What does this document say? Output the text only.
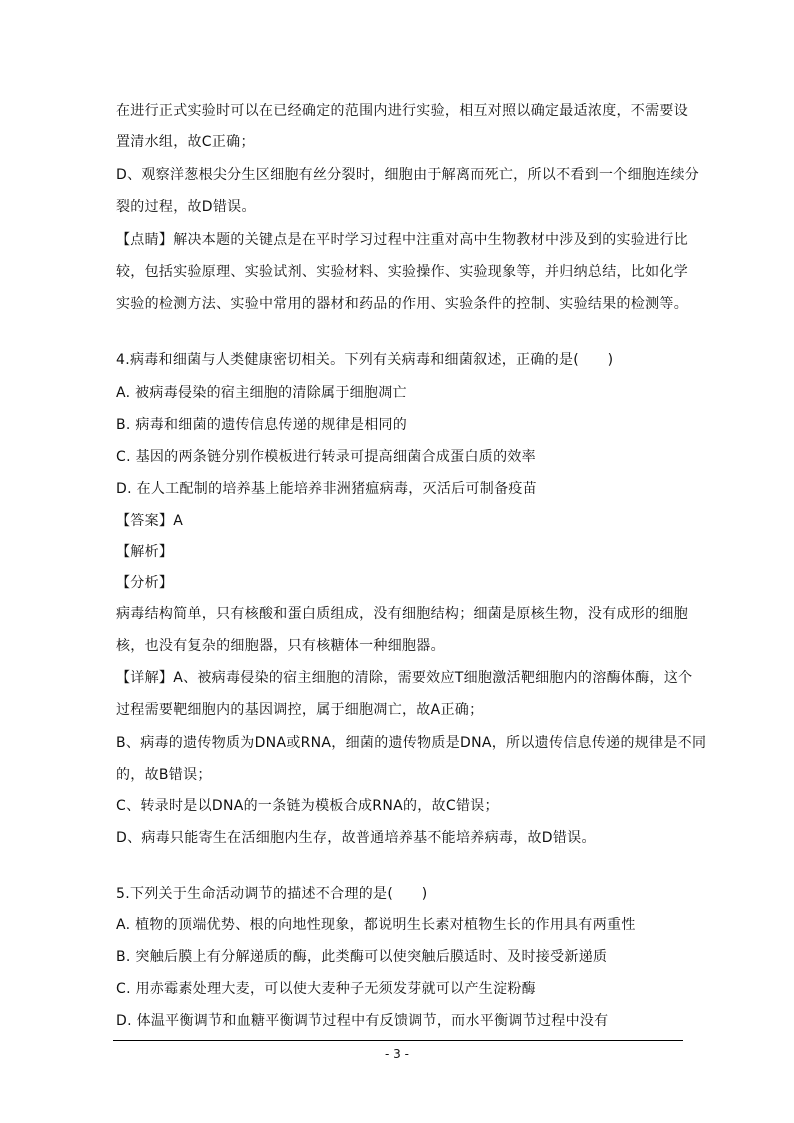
在进行正式实验时可以在已经确定的范围内进行实验，相互对照以确定最适浓度，不需要设
置清水组，故C正确；
D、观察洋葱根尖分生区细胞有丝分裂时，细胞由于解离而死亡，所以不看到一个细胞连续分
裂的过程，故D错误。
【点睛】解决本题的关键点是在平时学习过程中注重对高中生物教材中涉及到的实验进行比
较，包括实验原理、实验试剂、实验材料、实验操作、实验现象等，并归纳总结，比如化学
实验的检测方法、实验中常用的器材和药品的作用、实验条件的控制、实验结果的检测等。
4.病毒和细菌与人类健康密切相关。下列有关病毒和细菌叙述，正确的是(　　)
A. 被病毒侵染的宿主细胞的清除属于细胞凋亡
B. 病毒和细菌的遗传信息传递的规律是相同的
C. 基因的两条链分别作模板进行转录可提高细菌合成蛋白质的效率
D. 在人工配制的培养基上能培养非洲猪瘟病毒，灭活后可制备疫苗
【答案】A
【解析】
【分析】
病毒结构简单，只有核酸和蛋白质组成，没有细胞结构；细菌是原核生物，没有成形的细胞
核，也没有复杂的细胞器，只有核糖体一种细胞器。
【详解】A、被病毒侵染的宿主细胞的清除，需要效应T细胞激活靶细胞内的溶酶体酶，这个
过程需要靶细胞内的基因调控，属于细胞凋亡，故A正确；
B、病毒的遗传物质为DNA或RNA，细菌的遗传物质是DNA，所以遗传信息传递的规律是不同
的，故B错误；
C、转录时是以DNA的一条链为模板合成RNA的，故C错误；
D、病毒只能寄生在活细胞内生存，故普通培养基不能培养病毒，故D错误。
5.下列关于生命活动调节的描述不合理的是(　　)
A. 植物的顶端优势、根的向地性现象，都说明生长素对植物生长的作用具有两重性
B. 突触后膜上有分解递质的酶，此类酶可以使突触后膜适时、及时接受新递质
C. 用赤霉素处理大麦，可以使大麦种子无须发芽就可以产生淀粉酶
D. 体温平衡调节和血糖平衡调节过程中有反馈调节，而水平衡调节过程中没有
- 3 -
